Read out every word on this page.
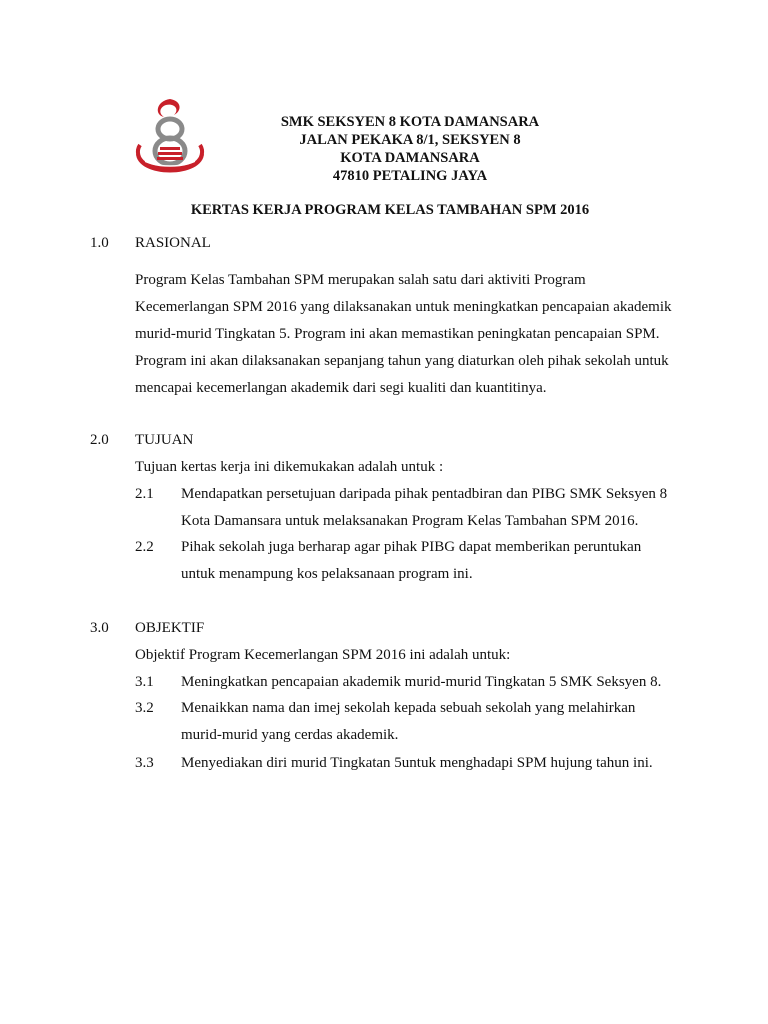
SMK SEKSYEN 8 KOTA DAMANSARA
JALAN PEKAKA 8/1, SEKSYEN 8
KOTA DAMANSARA
47810 PETALING JAYA
KERTAS KERJA PROGRAM KELAS TAMBAHAN SPM 2016
1.0 RASIONAL
Program Kelas Tambahan SPM merupakan salah satu dari aktiviti Program
Kecemerlangan SPM 2016 yang dilaksanakan untuk meningkatkan pencapaian akademik
murid-murid Tingkatan 5. Program ini akan memastikan peningkatan pencapaian SPM.
Program ini akan dilaksanakan sepanjang tahun yang diaturkan oleh pihak sekolah untuk
mencapai kecemerlangan akademik dari segi kualiti dan kuantitinya.
2.0 TUJUAN
Tujuan kertas kerja ini dikemukakan adalah untuk :
2.1 Mendapatkan persetujuan daripada pihak pentadbiran dan PIBG SMK Seksyen 8
Kota Damansara untuk melaksanakan Program Kelas Tambahan SPM 2016.
2.2 Pihak sekolah juga berharap agar pihak PIBG dapat memberikan peruntukan
untuk menampung kos pelaksanaan program ini.
3.0 OBJEKTIF
Objektif Program Kecemerlangan SPM 2016 ini adalah untuk:
3.1 Meningkatkan pencapaian akademik murid-murid Tingkatan 5 SMK Seksyen 8.
3.2 Menaikkan nama dan imej sekolah kepada sebuah sekolah yang melahirkan
murid-murid yang cerdas akademik.
3.3 Menyediakan diri murid Tingkatan 5untuk menghadapi SPM hujung tahun ini.
